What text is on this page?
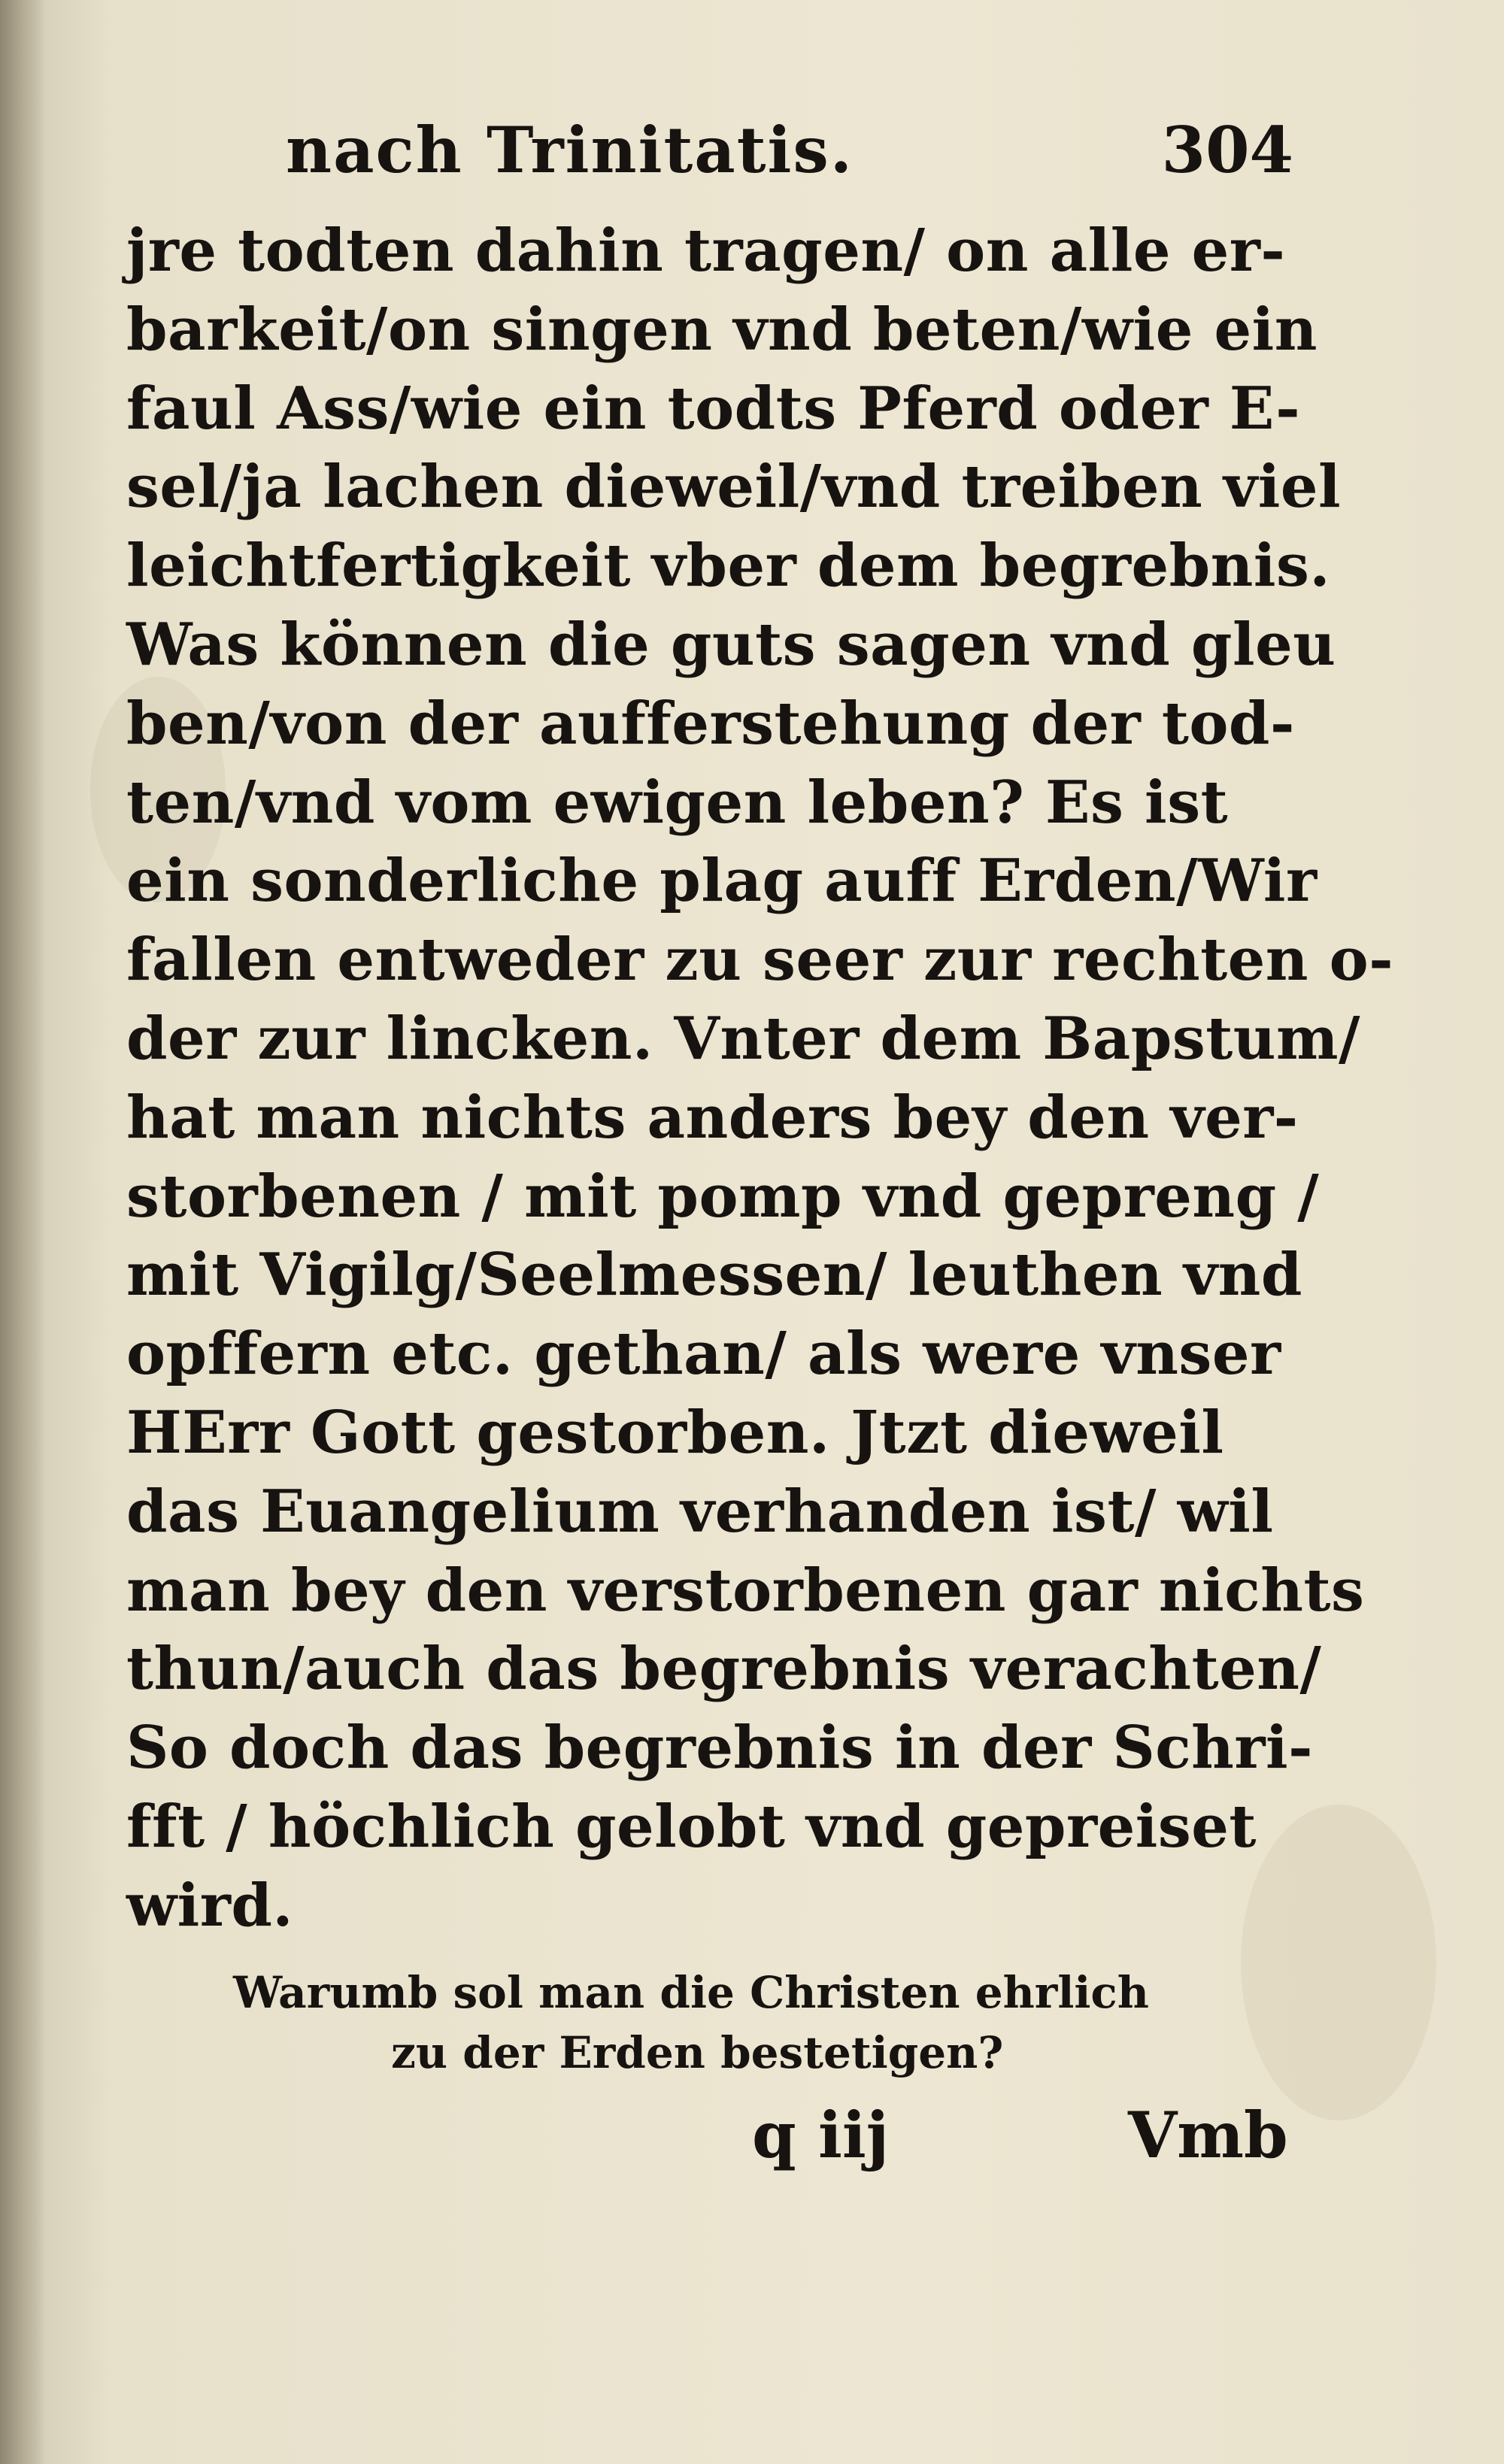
nach Trinitatis.	304
jre todten dahin tragen/ on alle er-
barkeit/on singen vnd beten/wie ein
faul Ass/wie ein todts Pferd oder E-
sel/ja lachen dieweil/vnd treiben viel
leichtfertigkeit vber dem begrebnis.
Was können die guts sagen vnd gleu
ben/von der aufferstehung der tod-
ten/vnd vom ewigen leben? Es ist
ein sonderliche plag auff Erden/Wir
fallen entweder zu seer zur rechten o-
der zur lincken. Vnter dem Bapstum/
hat man nichts anders bey den ver-
storbenen / mit pomp vnd gepreng /
mit Vigilg/Seelmessen/ leuthen vnd
opffern etc. gethan/ als were vnser
HErr Gott gestorben. Jtzt dieweil
das Euangelium verhanden ist/ wil
man bey den verstorbenen gar nichts
thun/auch das begrebnis verachten/
So doch das begrebnis in der Schri-
fft / höchlich gelobt vnd gepreiset
wird.
Warumb sol man die Christen ehrlich
zu der Erden bestetigen?
q iij	Vmb
